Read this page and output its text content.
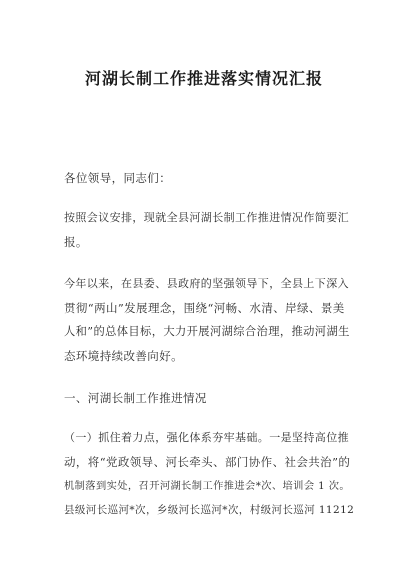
河湖长制工作推进落实情况汇报
各位领导，同志们：
按照会议安排，现就全县河湖长制工作推进情况作简要汇
报。
今年以来，在县委、县政府的坚强领导下，全县上下深入
贯彻“两山”发展理念，围绕“河畅、水清、岸绿、景美
人和”的总体目标，大力开展河湖综合治理，推动河湖生
态环境持续改善向好。
一、河湖长制工作推进情况
（一）抓住着力点，强化体系夯牢基础。一是坚持高位推
动，将“党政领导、河长牵头、部门协作、社会共治”的
机制落到实处，召开河湖长制工作推进会*次、培训会 1 次。
县级河长巡河*次，乡级河长巡河*次，村级河长巡河 11212
